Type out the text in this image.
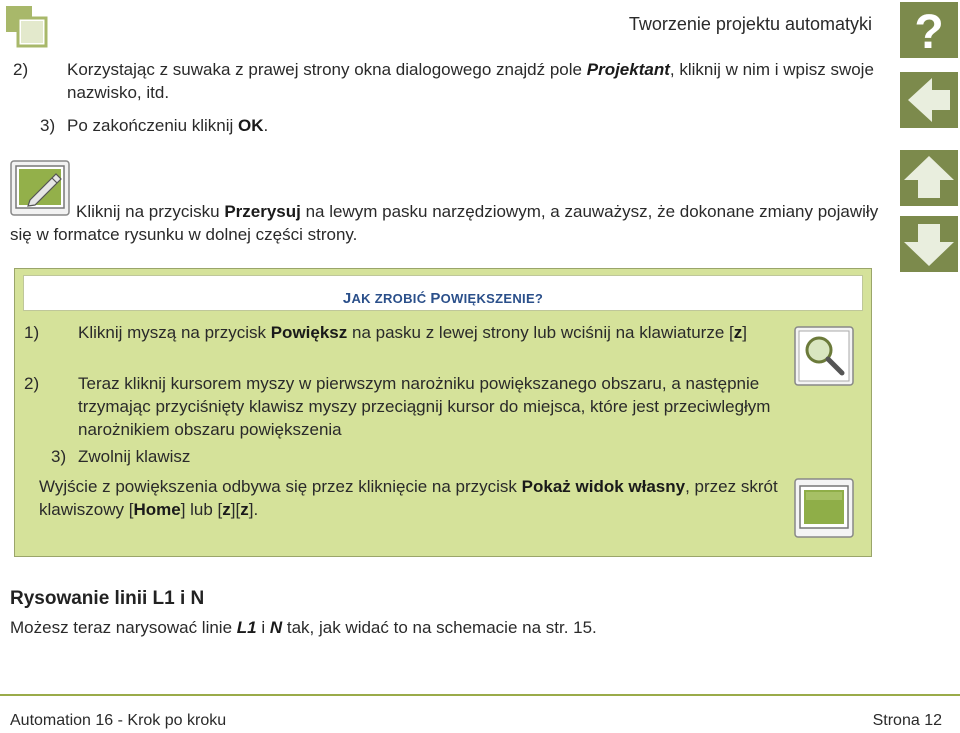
Tworzenie projektu automatyki ?
2) Korzystając z suwaka z prawej strony okna dialogowego znajdź pole Projektant, kliknij w nim i wpisz swoje nazwisko, itd.
3) Po zakończeniu kliknij OK.
Kliknij na przycisku Przerysuj na lewym pasku narzędziowym, a zauważysz, że dokonane zmiany pojawiły się w formatce rysunku w dolnej części strony.
JAK ZROBIĆ POWIĘKSZENIE?
1) Kliknij myszą na przycisk Powiększ na pasku z lewej strony lub wciśnij na klawiaturze [z]
2) Teraz kliknij kursorem myszy w pierwszym narożniku powiększanego obszaru, a następnie trzymając przyciśnięty klawisz myszy przeciągnij kursor do miejsca, które jest przeciwległym narożnikiem obszaru powiększenia
3) Zwolnij klawisz
Wyjście z powiększenia odbywa się przez kliknięcie na przycisk Pokaż widok własny, przez skrót klawiszowy [Home] lub [z][z].
Rysowanie linii L1 i N
Możesz teraz narysować linie L1 i N tak, jak widać to na schemacie na str. 15.
Automation 16 - Krok po kroku	Strona 12
